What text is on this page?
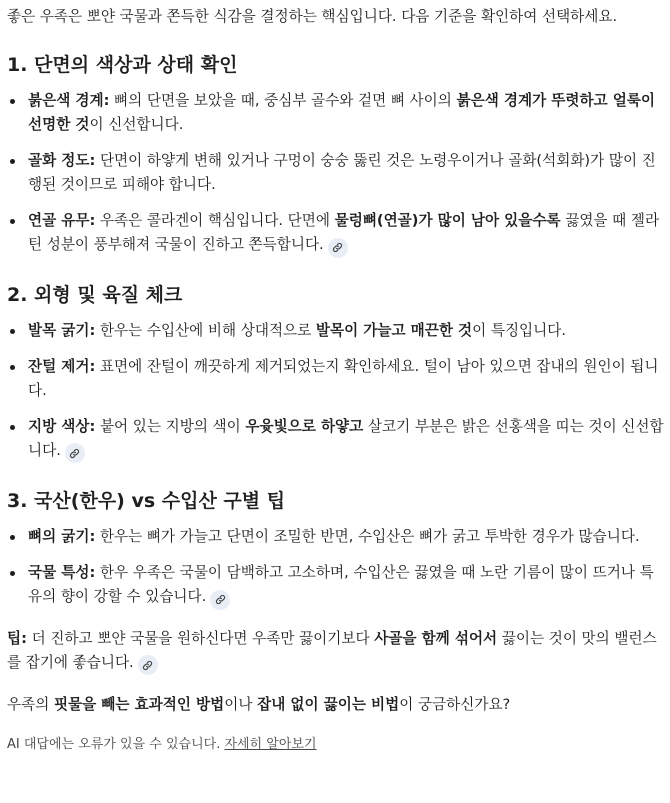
좋은 우족은 뽀얀 국물과 쫀득한 식감을 결정하는 핵심입니다. 다음 기준을 확인하여 선택하세요.

1. 단면의 색상과 상태 확인
붉은색 경계: 뼈의 단면을 보았을 때, 중심부 골수와 겉면 뼈 사이의 붉은색 경계가 뚜렷하고 얼룩이 선명한 것이 신선합니다.
골화 정도: 단면이 하얗게 변해 있거나 구멍이 숭숭 뚫린 것은 노령우이거나 골화(석회화)가 많이 진행된 것이므로 피해야 합니다.
연골 유무: 우족은 콜라겐이 핵심입니다. 단면에 물렁뼈(연골)가 많이 남아 있을수록 끓였을 때 젤라틴 성분이 풍부해져 국물이 진하고 쫀득합니다.
2. 외형 및 육질 체크
발목 굵기: 한우는 수입산에 비해 상대적으로 발목이 가늘고 매끈한 것이 특징입니다.
잔털 제거: 표면에 잔털이 깨끗하게 제거되었는지 확인하세요. 털이 남아 있으면 잡내의 원인이 됩니다.
지방 색상: 붙어 있는 지방의 색이 우윳빛으로 하얗고 살코기 부분은 밝은 선홍색을 띠는 것이 신선합니다.
3. 국산(한우) vs 수입산 구별 팁
뼈의 굵기: 한우는 뼈가 가늘고 단면이 조밀한 반면, 수입산은 뼈가 굵고 투박한 경우가 많습니다.
국물 특성: 한우 우족은 국물이 담백하고 고소하며, 수입산은 끓였을 때 노란 기름이 많이 뜨거나 특유의 향이 강할 수 있습니다.

팁: 더 진하고 뽀얀 국물을 원하신다면 우족만 끓이기보다 사골을 함께 섞어서 끓이는 것이 맛의 밸런스를 잡기에 좋습니다.

우족의 핏물을 빼는 효과적인 방법이나 잡내 없이 끓이는 비법이 궁금하신가요?

AI 대답에는 오류가 있을 수 있습니다. 자세히 알아보기
